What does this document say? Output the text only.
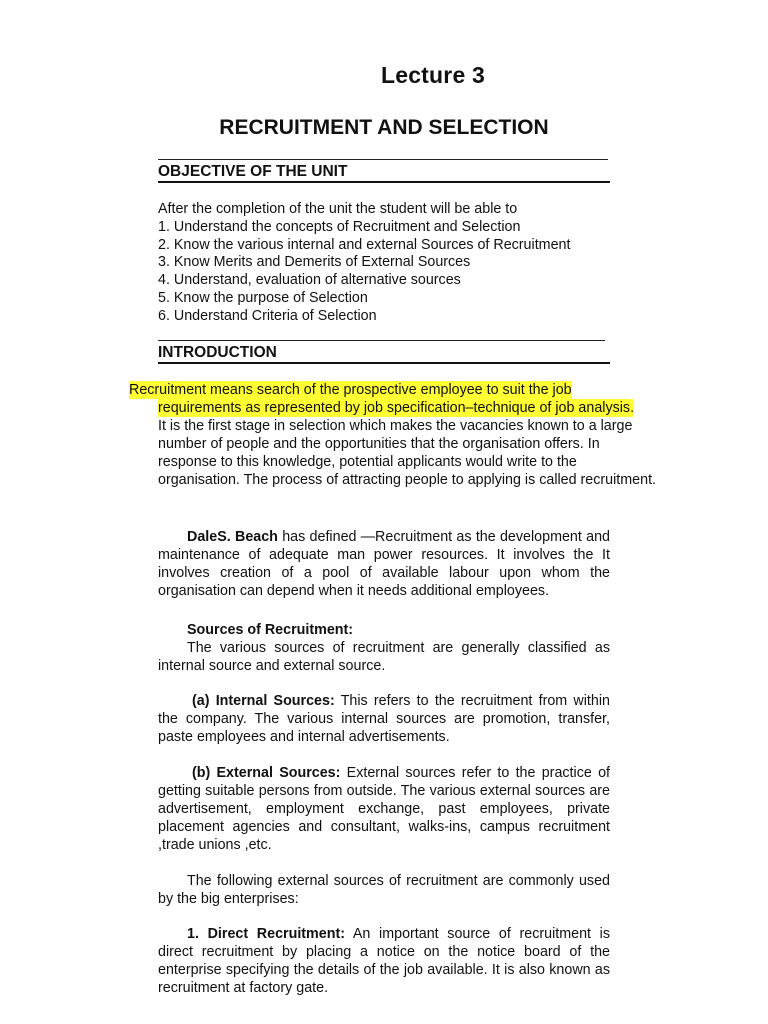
Lecture 3
RECRUITMENT AND SELECTION
OBJECTIVE OF THE UNIT
After the completion of the unit the student will be able to
1. Understand the concepts of Recruitment and Selection
2. Know the various internal and external Sources of Recruitment
3. Know Merits and Demerits of External Sources
4. Understand, evaluation of alternative sources
5. Know the purpose of Selection
6. Understand Criteria of Selection
INTRODUCTION
Recruitment means search of the prospective employee to suit the job
requirements as represented by job specification–technique of job analysis.
It is the first stage in selection which makes the vacancies known to a large number of people and the opportunities that the organisation offers. In response to this knowledge, potential applicants would write to the organisation. The process of attracting people to applying is called recruitment.
DaleS. Beach has defined ―Recruitment as the development and maintenance of adequate man power resources. It involves the It involves creation of a pool of available labour upon whom the organisation can depend when it needs additional employees.
Sources of Recruitment:
The various sources of recruitment are generally classified as internal source and external source.
(a) Internal Sources: This refers to the recruitment from within the company. The various internal sources are promotion, transfer, paste employees and internal advertisements.
(b) External Sources: External sources refer to the practice of getting suitable persons from outside. The various external sources are advertisement, employment exchange, past employees, private placement agencies and consultant, walks-ins, campus recruitment ,trade unions ,etc.
The following external sources of recruitment are commonly used by the big enterprises:
1. Direct Recruitment: An important source of recruitment is direct recruitment by placing a notice on the notice board of the enterprise specifying the details of the job available. It is also known as recruitment at factory gate.
